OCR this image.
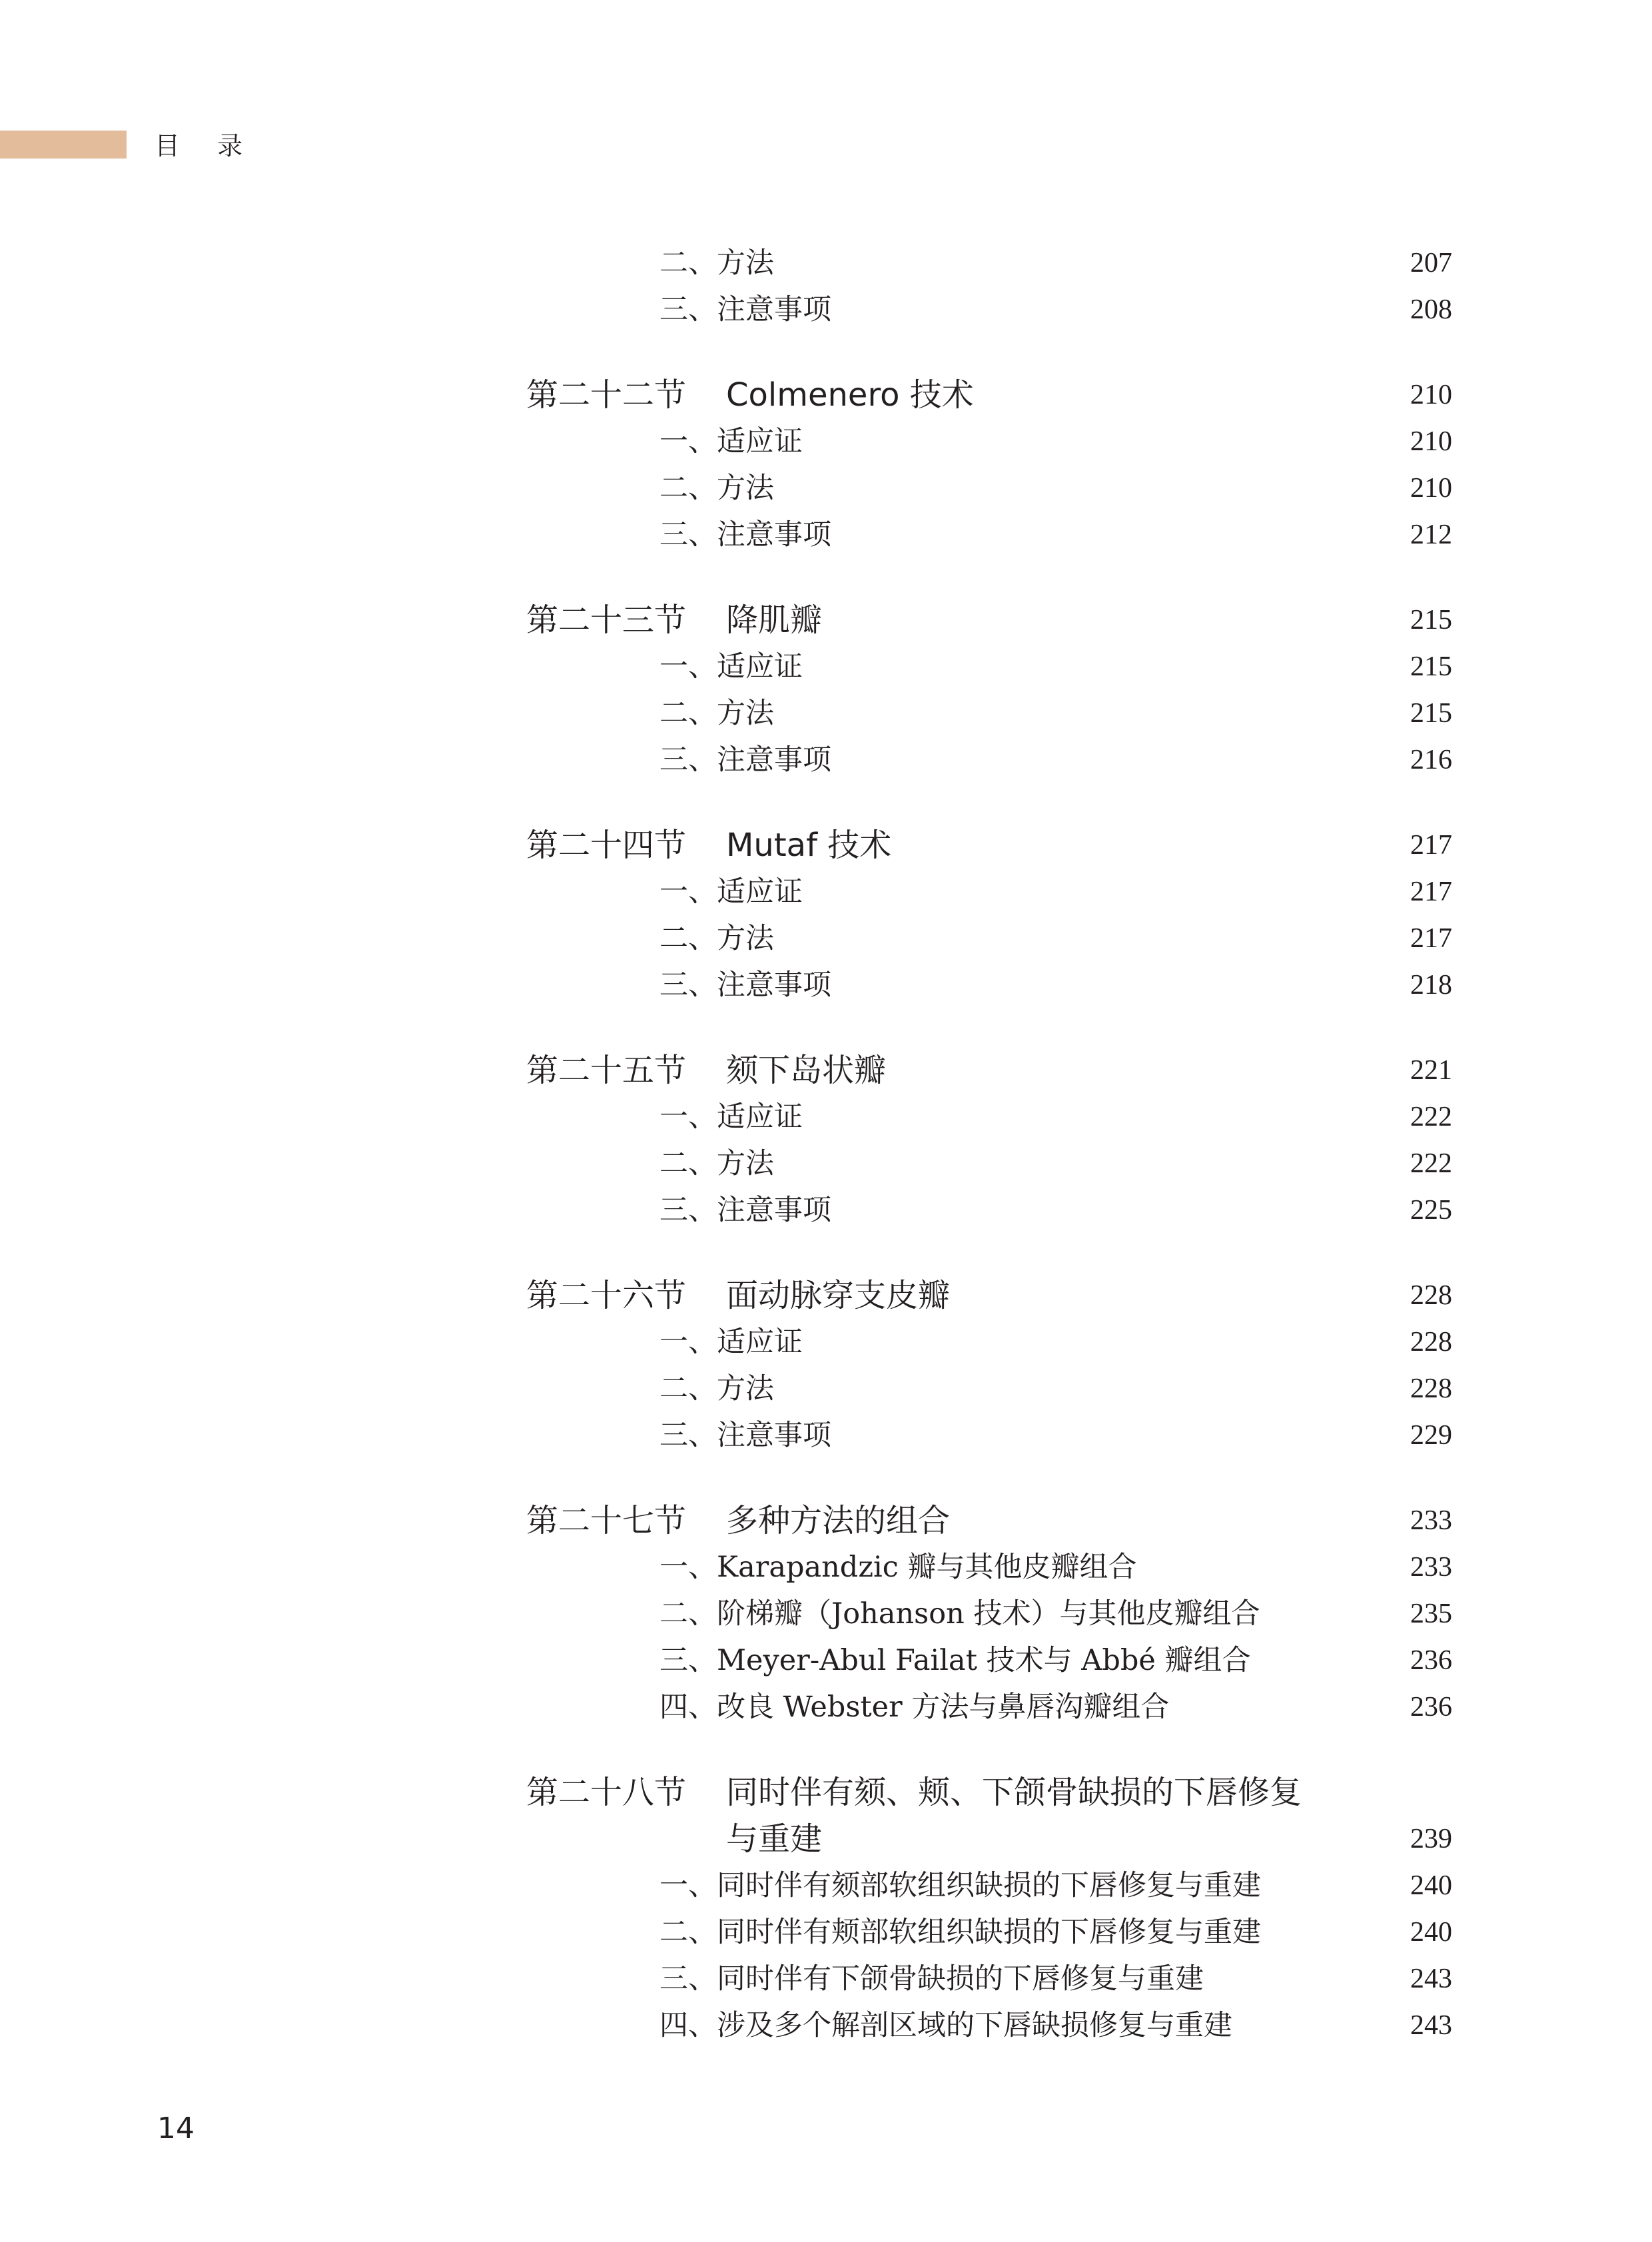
目 录
二、方法	207
三、注意事项	208
第二十二节 Colmenero 技术	210
一、适应证	210
二、方法	210
三、注意事项	212
第二十三节 降肌瓣	215
一、适应证	215
二、方法	215
三、注意事项	216
第二十四节 Mutaf 技术	217
一、适应证	217
二、方法	217
三、注意事项	218
第二十五节 颏下岛状瓣	221
一、适应证	222
二、方法	222
三、注意事项	225
第二十六节 面动脉穿支皮瓣	228
一、适应证	228
二、方法	228
三、注意事项	229
第二十七节 多种方法的组合	233
一、Karapandzic 瓣与其他皮瓣组合	233
二、阶梯瓣（Johanson 技术）与其他皮瓣组合	235
三、Meyer-Abul Failat 技术与 Abbé 瓣组合	236
四、改良 Webster 方法与鼻唇沟瓣组合	236
第二十八节 同时伴有颏、颊、下颌骨缺损的下唇修复
与重建	239
一、同时伴有颏部软组织缺损的下唇修复与重建	240
二、同时伴有颊部软组织缺损的下唇修复与重建	240
三、同时伴有下颌骨缺损的下唇修复与重建	243
四、涉及多个解剖区域的下唇缺损修复与重建	243
14
